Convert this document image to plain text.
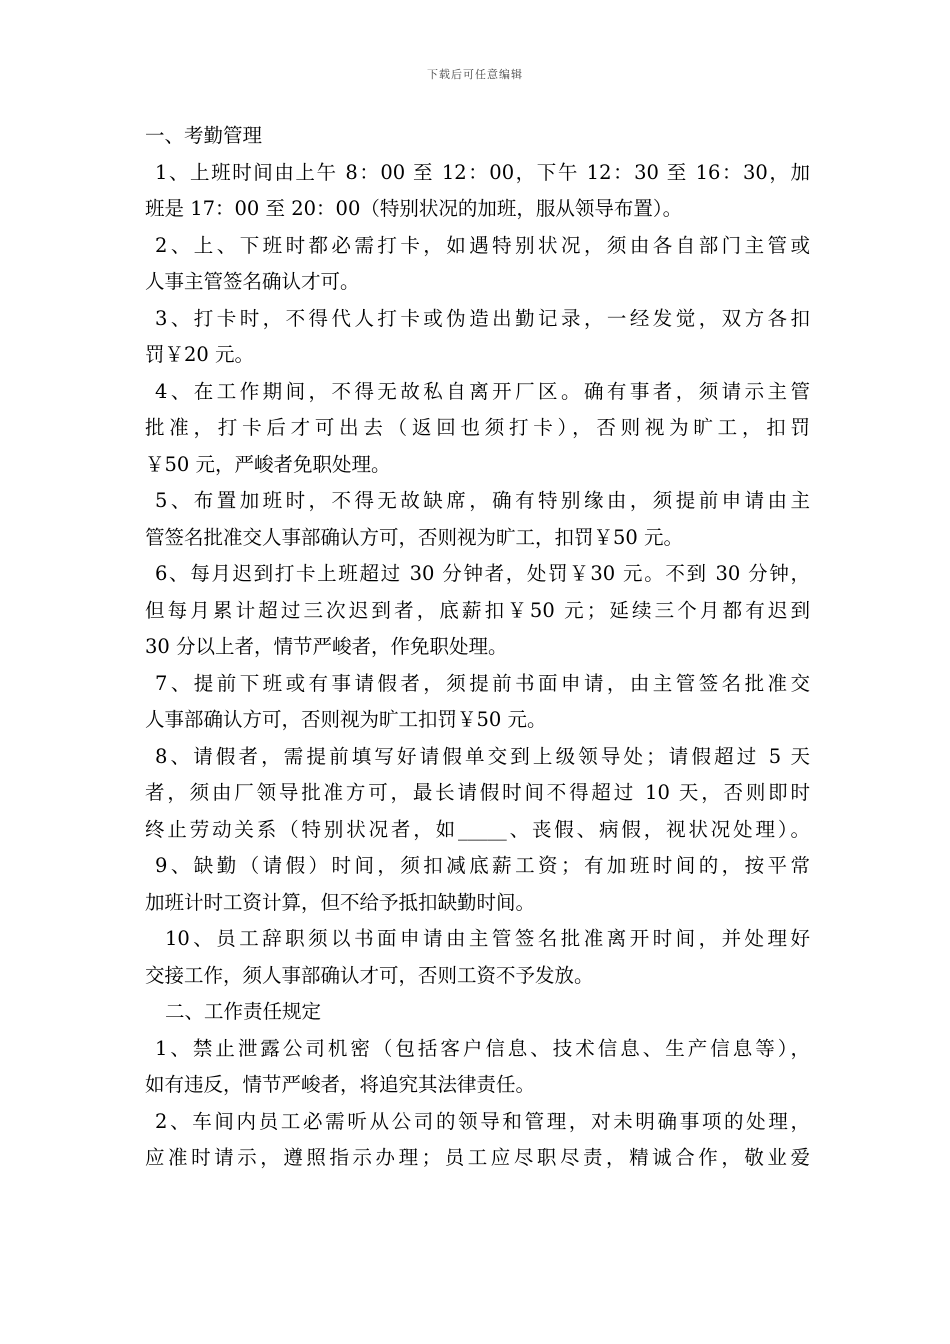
下载后可任意编辑
一、考勤管理
1、上班时间由上午 8：00 至 12：00，下午 12：30 至 16：30，加
班是 17：00 至 20：00（特别状况的加班，服从领导布置）。
2、上、下班时都必需打卡，如遇特别状况，须由各自部门主管或
人事主管签名确认才可。
3、打卡时，不得代人打卡或伪造出勤记录，一经发觉，双方各扣
罚￥20 元。
4、在工作期间，不得无故私自离开厂区。确有事者，须请示主管
批准，打卡后才可出去（返回也须打卡），否则视为旷工，扣罚
￥50 元，严峻者免职处理。
5、布置加班时，不得无故缺席，确有特别缘由，须提前申请由主
管签名批准交人事部确认方可，否则视为旷工，扣罚￥50 元。
6、每月迟到打卡上班超过 30 分钟者，处罚￥30 元。不到 30 分钟，
但每月累计超过三次迟到者，底薪扣￥50 元；延续三个月都有迟到
30 分以上者，情节严峻者，作免职处理。
7、提前下班或有事请假者，须提前书面申请，由主管签名批准交
人事部确认方可，否则视为旷工扣罚￥50 元。
8、请假者，需提前填写好请假单交到上级领导处；请假超过 5 天
者，须由厂领导批准方可，最长请假时间不得超过 10 天，否则即时
终止劳动关系（特别状况者，如_____、丧假、病假，视状况处理）。
9、缺勤（请假）时间，须扣减底薪工资；有加班时间的，按平常
加班计时工资计算，但不给予抵扣缺勤时间。
10、员工辞职须以书面申请由主管签名批准离开时间，并处理好
交接工作，须人事部确认才可，否则工资不予发放。
二、工作责任规定
1、禁止泄露公司机密（包括客户信息、技术信息、生产信息等），
如有违反，情节严峻者，将追究其法律责任。
2、车间内员工必需听从公司的领导和管理，对未明确事项的处理，
应准时请示，遵照指示办理；员工应尽职尽责，精诚合作，敬业爱
